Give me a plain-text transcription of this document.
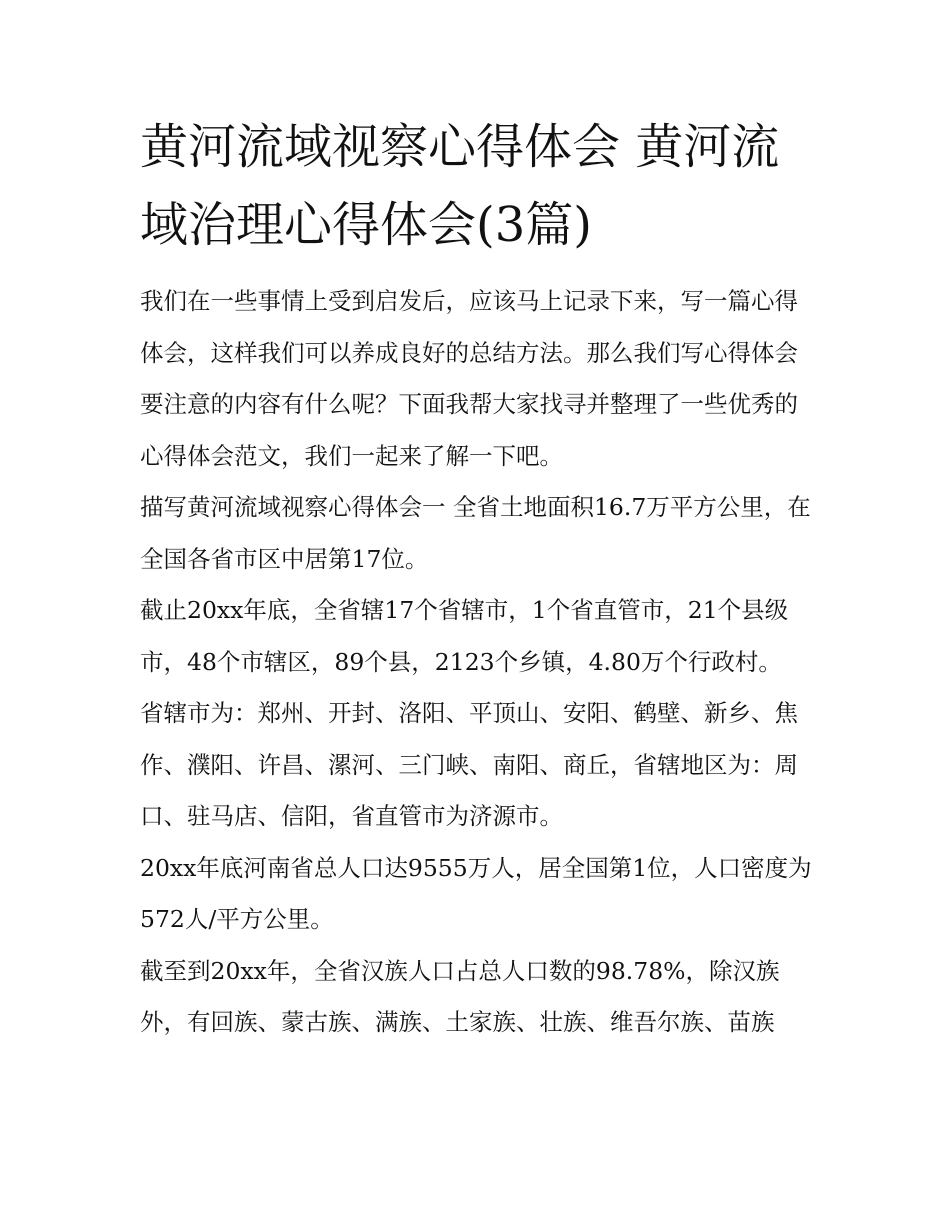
黄河流域视察心得体会 黄河流域治理心得体会(3篇)

我们在一些事情上受到启发后，应该马上记录下来，写一篇心得体会，这样我们可以养成良好的总结方法。那么我们写心得体会要注意的内容有什么呢？下面我帮大家找寻并整理了一些优秀的心得体会范文，我们一起来了解一下吧。

描写黄河流域视察心得体会一 全省土地面积16.7万平方公里，在全国各省市区中居第17位。

截止20xx年底，全省辖17个省辖市，1个省直管市，21个县级市，48个市辖区，89个县，2123个乡镇，4.80万个行政村。

省辖市为：郑州、开封、洛阳、平顶山、安阳、鹤壁、新乡、焦作、濮阳、许昌、漯河、三门峡、南阳、商丘，省辖地区为：周口、驻马店、信阳，省直管市为济源市。

20xx年底河南省总人口达9555万人，居全国第1位，人口密度为572人/平方公里。

截至到20xx年，全省汉族人口占总人口数的98.78%，除汉族外，有回族、蒙古族、满族、土家族、壮族、维吾尔族、苗族
